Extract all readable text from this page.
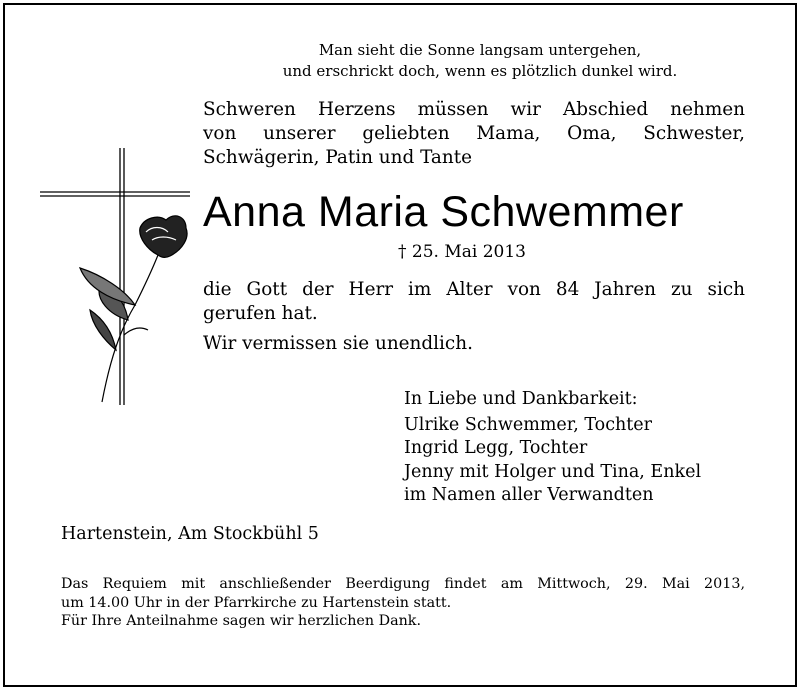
Man sieht die Sonne langsam untergehen,
und erschrickt doch, wenn es plötzlich dunkel wird.
Schweren Herzens müssen wir Abschied nehmen
von unserer geliebten Mama, Oma, Schwester,
Schwägerin, Patin und Tante
Anna Maria Schwemmer
† 25. Mai 2013
die Gott der Herr im Alter von 84 Jahren zu sich
gerufen hat.
Wir vermissen sie unendlich.
In Liebe und Dankbarkeit:
Ulrike Schwemmer, Tochter
Ingrid Legg, Tochter
Jenny mit Holger und Tina, Enkel
im Namen aller Verwandten
Hartenstein, Am Stockbühl 5
Das Requiem mit anschließender Beerdigung findet am Mittwoch, 29. Mai 2013,
um 14.00 Uhr in der Pfarrkirche zu Hartenstein statt.
Für Ihre Anteilnahme sagen wir herzlichen Dank.
